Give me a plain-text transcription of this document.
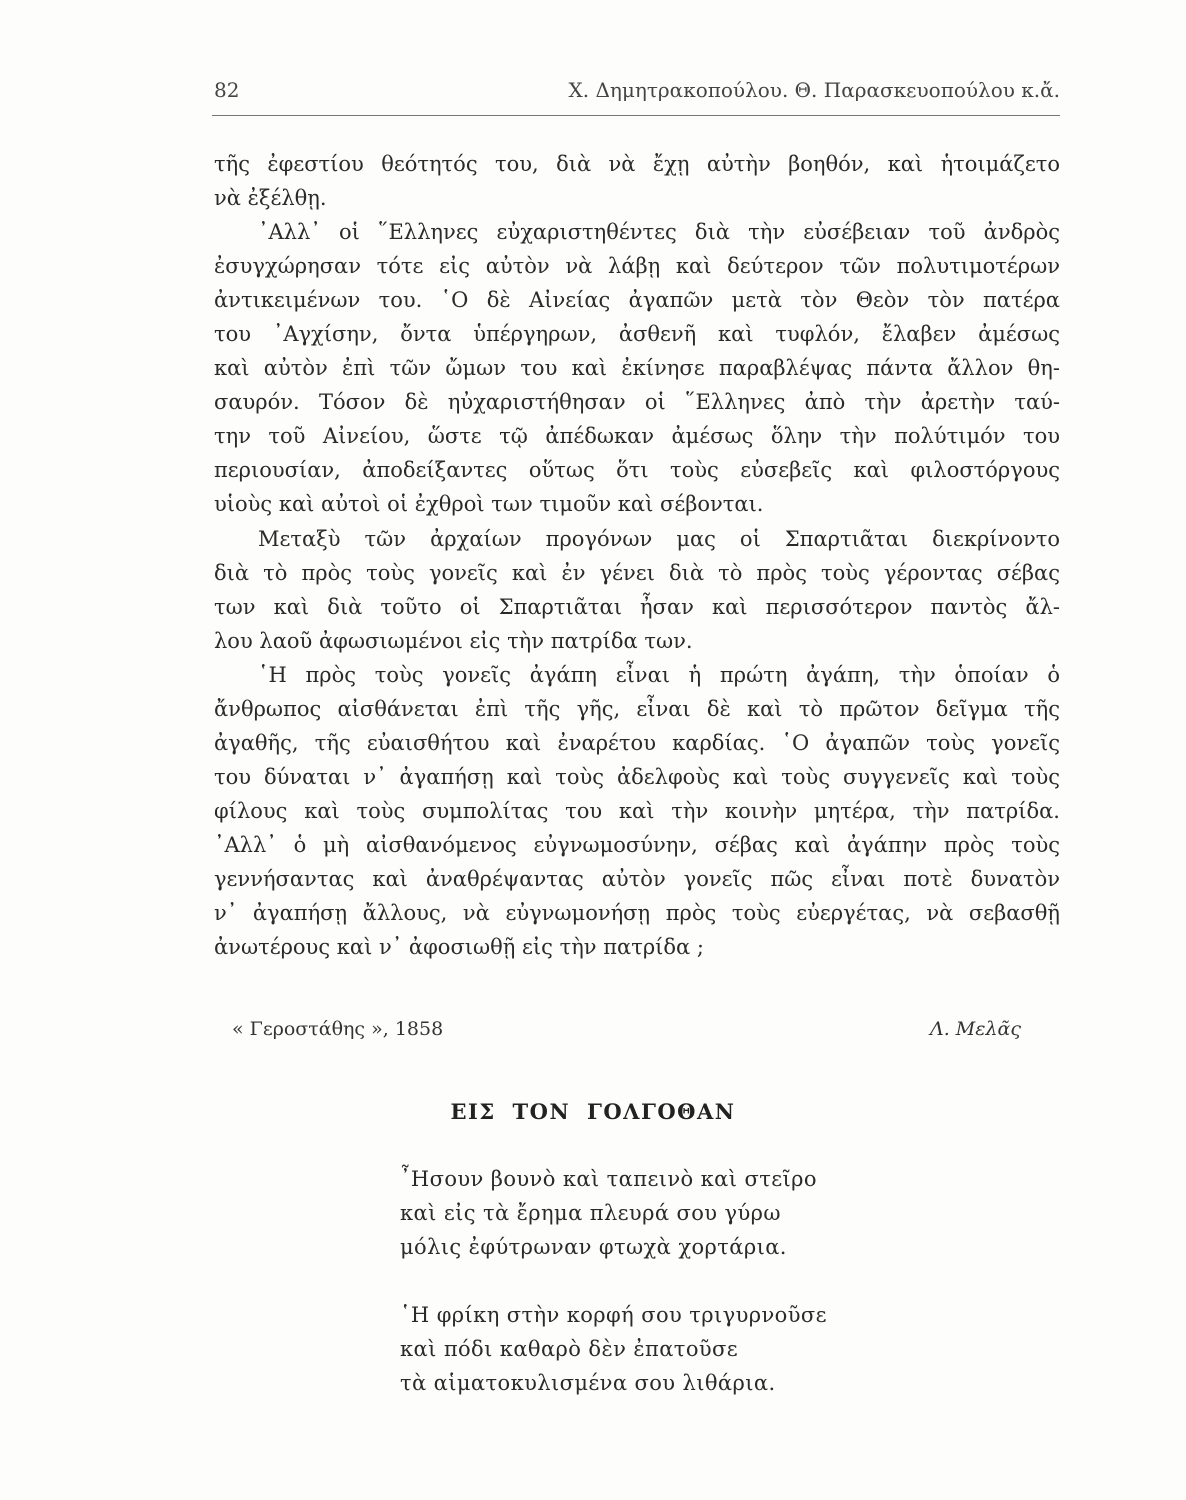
82	Χ. Δημητρακοπούλου. Θ. Παρασκευοπούλου κ.ἄ.
τῆς ἐφεστίου θεότητός του, διὰ νὰ ἔχῃ αὐτὴν βοηθόν, καὶ ἡτοιμάζετο
νὰ ἐξέλθῃ.
᾿Αλλ᾿ οἱ ῞Ελληνες εὐχαριστηθέντες διὰ τὴν εὐσέβειαν τοῦ ἀνδρὸς
ἐσυγχώρησαν τότε εἰς αὐτὸν νὰ λάβῃ καὶ δεύτερον τῶν πολυτιμοτέρων
ἀντικειμένων του. ῾Ο δὲ Αἰνείας ἀγαπῶν μετὰ τὸν Θεὸν τὸν πατέρα
του ᾿Αγχίσην, ὄντα ὑπέργηρων, ἀσθενῆ καὶ τυφλόν, ἔλαβεν ἀμέσως
καὶ αὐτὸν ἐπὶ τῶν ὤμων του καὶ ἐκίνησε παραβλέψας πάντα ἄλλον θη-
σαυρόν. Τόσον δὲ ηὐχαριστήθησαν οἱ ῞Ελληνες ἀπὸ τὴν ἀρετὴν ταύ-
την τοῦ Αἰνείου, ὥστε τῷ ἀπέδωκαν ἀμέσως ὅλην τὴν πολύτιμόν του
περιουσίαν, ἀποδείξαντες οὕτως ὅτι τοὺς εὐσεβεῖς καὶ φιλοστόργους
υἱοὺς καὶ αὐτοὶ οἱ ἐχθροὶ των τιμοῦν καὶ σέβονται.
Μεταξὺ τῶν ἀρχαίων προγόνων μας οἱ Σπαρτιᾶται διεκρίνοντο
διὰ τὸ πρὸς τοὺς γονεῖς καὶ ἐν γένει διὰ τὸ πρὸς τοὺς γέροντας σέβας
των καὶ διὰ τοῦτο οἱ Σπαρτιᾶται ἦσαν καὶ περισσότερον παντὸς ἄλ-
λου λαοῦ ἀφωσιωμένοι εἰς τὴν πατρίδα των.
῾Η πρὸς τοὺς γονεῖς ἀγάπη εἶναι ἡ πρώτη ἀγάπη, τὴν ὁποίαν ὁ
ἄνθρωπος αἰσθάνεται ἐπὶ τῆς γῆς, εἶναι δὲ καὶ τὸ πρῶτον δεῖγμα τῆς
ἀγαθῆς, τῆς εὐαισθήτου καὶ ἐναρέτου καρδίας. ῾Ο ἀγαπῶν τοὺς γονεῖς
του δύναται ν᾿ ἀγαπήσῃ καὶ τοὺς ἀδελφοὺς καὶ τοὺς συγγενεῖς καὶ τοὺς
φίλους καὶ τοὺς συμπολίτας του καὶ τὴν κοινὴν μητέρα, τὴν πατρίδα.
᾿Αλλ᾿ ὁ μὴ αἰσθανόμενος εὐγνωμοσύνην, σέβας καὶ ἀγάπην πρὸς τοὺς
γεννήσαντας καὶ ἀναθρέψαντας αὐτὸν γονεῖς πῶς εἶναι ποτὲ δυνατὸν
ν᾿ ἀγαπήσῃ ἄλλους, νὰ εὐγνωμονήσῃ πρὸς τοὺς εὐεργέτας, νὰ σεβασθῇ
ἀνωτέρους καὶ ν᾿ ἀφοσιωθῇ εἰς τὴν πατρίδα ;
« Γεροστάθης », 1858	Λ. Μελᾶς
ΕΙΣ ΤΟΝ ΓΟΛΓΟΘΑΝ
῏Ησουν βουνὸ καὶ ταπεινὸ καὶ στεῖρο
καὶ εἰς τὰ ἔρημα πλευρά σου γύρω
μόλις ἐφύτρωναν φτωχὰ χορτάρια.
῾Η φρίκη στὴν κορφή σου τριγυρνοῦσε
καὶ πόδι καθαρὸ δὲν ἐπατοῦσε
τὰ αἱματοκυλισμένα σου λιθάρια.
